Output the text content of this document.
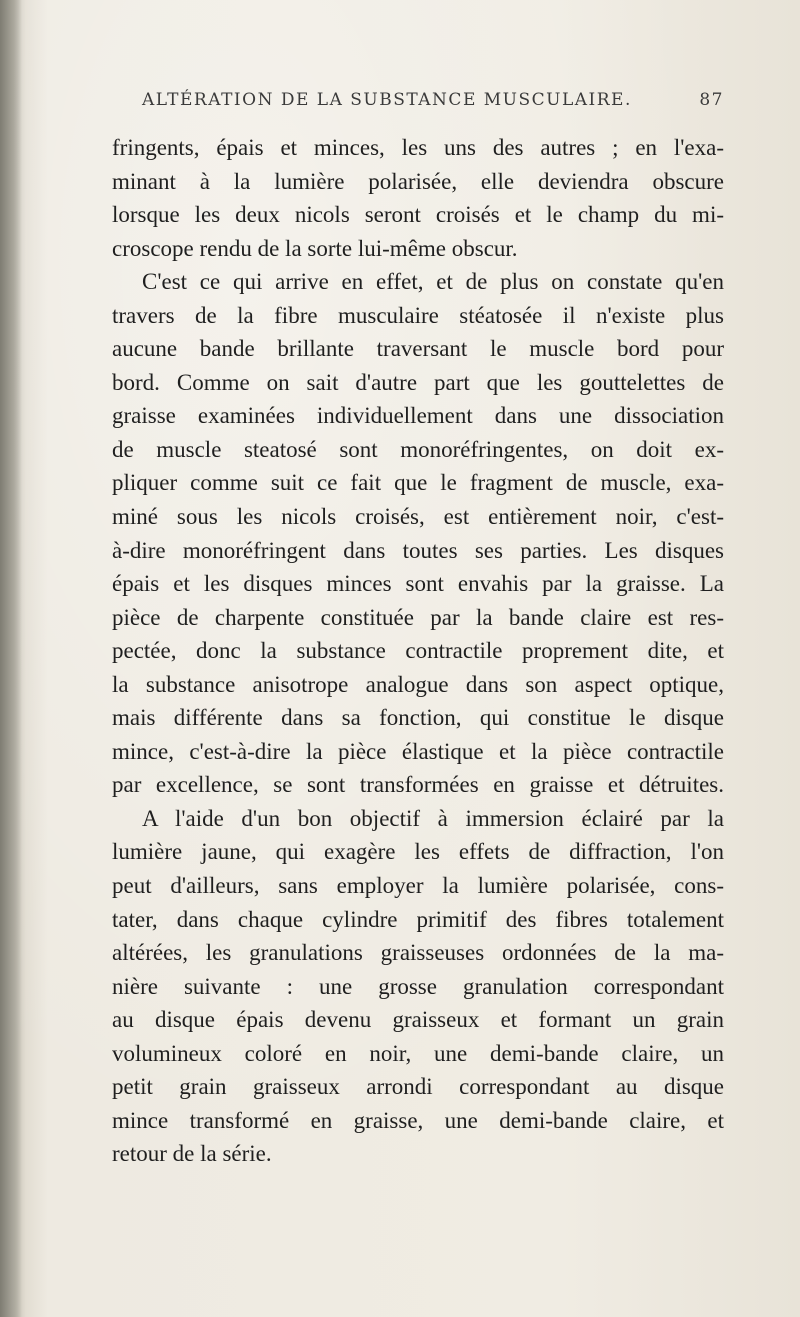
ALTÉRATION DE LA SUBSTANCE MUSCULAIRE.	87
fringents, épais et minces, les uns des autres ; en l'exa-
minant à la lumière polarisée, elle deviendra obscure
lorsque les deux nicols seront croisés et le champ du mi-
croscope rendu de la sorte lui-même obscur.
C'est ce qui arrive en effet, et de plus on constate qu'en
travers de la fibre musculaire stéatosée il n'existe plus
aucune bande brillante traversant le muscle bord pour
bord. Comme on sait d'autre part que les gouttelettes de
graisse examinées individuellement dans une dissociation
de muscle steatosé sont monoréfringentes, on doit ex-
pliquer comme suit ce fait que le fragment de muscle, exa-
miné sous les nicols croisés, est entièrement noir, c'est-
à-dire monoréfringent dans toutes ses parties. Les disques
épais et les disques minces sont envahis par la graisse. La
pièce de charpente constituée par la bande claire est res-
pectée, donc la substance contractile proprement dite, et
la substance anisotrope analogue dans son aspect optique,
mais différente dans sa fonction, qui constitue le disque
mince, c'est-à-dire la pièce élastique et la pièce contractile
par excellence, se sont transformées en graisse et détruites.
A l'aide d'un bon objectif à immersion éclairé par la
lumière jaune, qui exagère les effets de diffraction, l'on
peut d'ailleurs, sans employer la lumière polarisée, cons-
tater, dans chaque cylindre primitif des fibres totalement
altérées, les granulations graisseuses ordonnées de la ma-
nière suivante : une grosse granulation correspondant
au disque épais devenu graisseux et formant un grain
volumineux coloré en noir, une demi-bande claire, un
petit grain graisseux arrondi correspondant au disque
mince transformé en graisse, une demi-bande claire, et
retour de la série.
